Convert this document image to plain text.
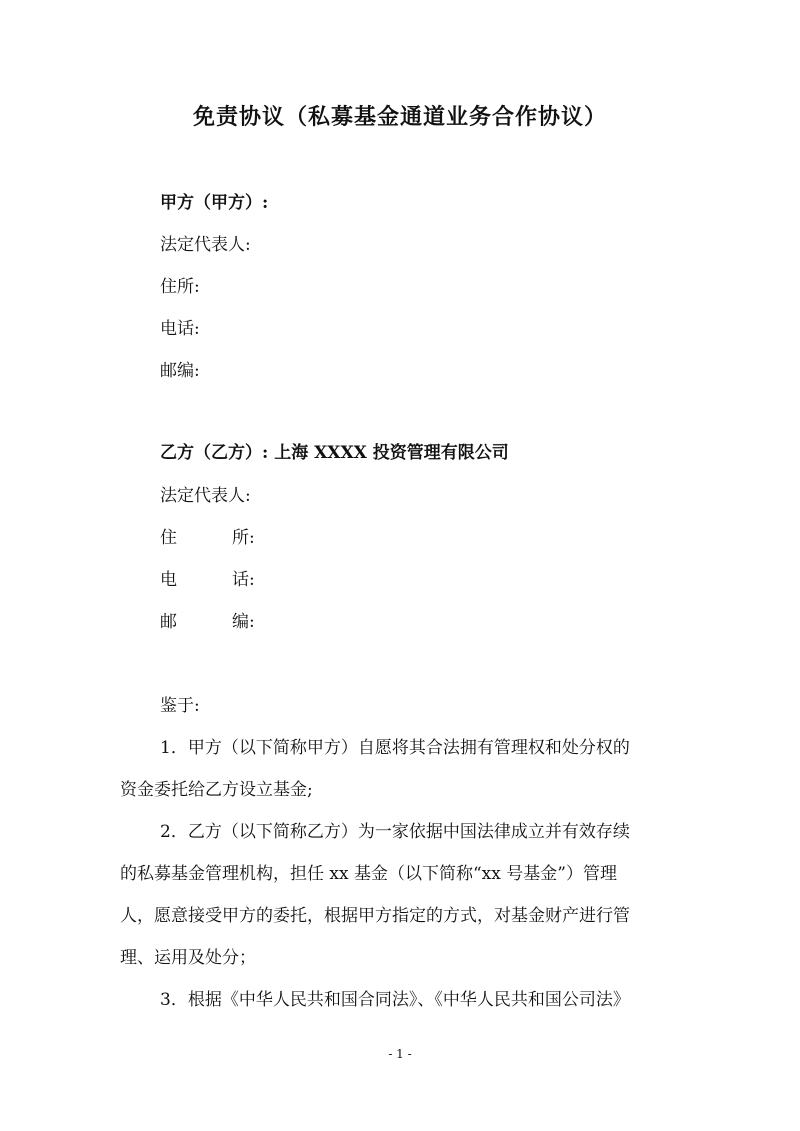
免责协议（私募基金通道业务合作协议）
甲方（甲方）:
法定代表人:
住所:
电话:
邮编:
乙方（乙方）: 上海 XXXX 投资管理有限公司
法定代表人:
住	所:
电	话:
邮	编:
鉴于:
1．甲方（以下简称甲方）自愿将其合法拥有管理权和处分权的
资金委托给乙方设立基金;
2．乙方（以下简称乙方）为一家依据中国法律成立并有效存续
的私募基金管理机构，担任 xx 基金（以下简称“xx 号基金”）管理
人，愿意接受甲方的委托，根据甲方指定的方式，对基金财产进行管
理、运用及处分；
3．根据《中华人民共和国合同法》、《中华人民共和国公司法》
- 1 -
